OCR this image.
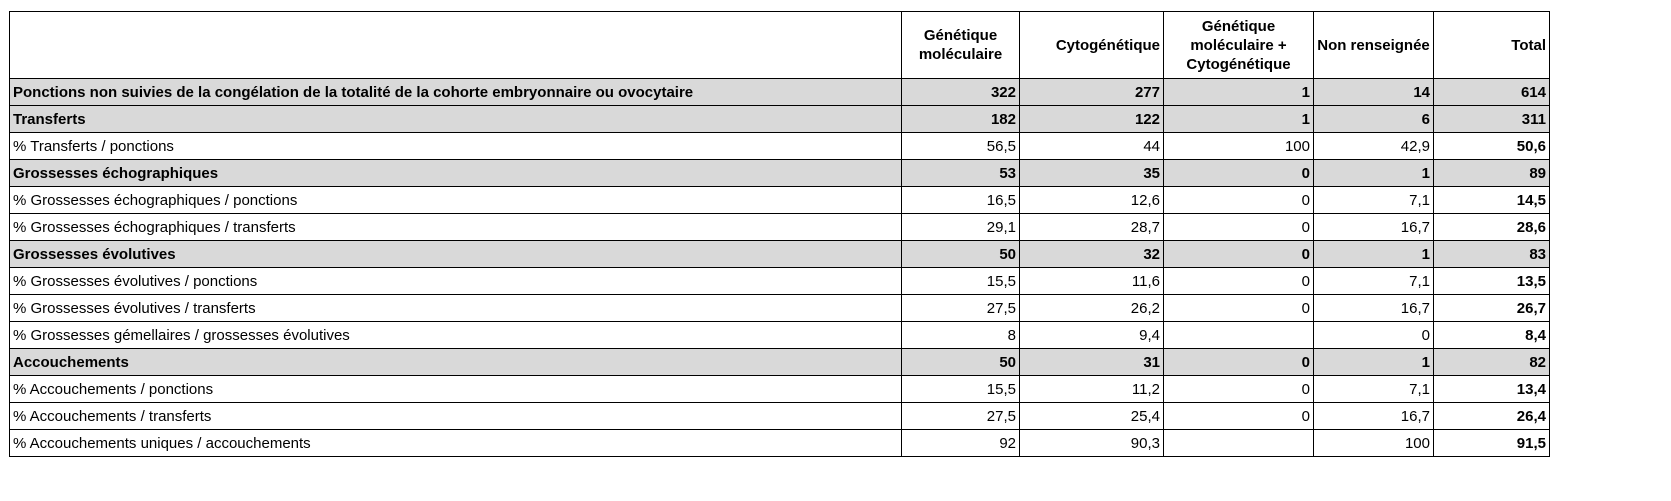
	Génétique moléculaire	Cytogénétique	Génétique moléculaire + Cytogénétique	Non renseignée	Total
Ponctions non suivies de la congélation de la totalité de la cohorte embryonnaire ou ovocytaire	322	277	1	14	614
Transferts	182	122	1	6	311
% Transferts / ponctions	56,5	44	100	42,9	50,6
Grossesses échographiques	53	35	0	1	89
% Grossesses échographiques / ponctions	16,5	12,6	0	7,1	14,5
% Grossesses échographiques / transferts	29,1	28,7	0	16,7	28,6
Grossesses évolutives	50	32	0	1	83
% Grossesses évolutives / ponctions	15,5	11,6	0	7,1	13,5
% Grossesses évolutives / transferts	27,5	26,2	0	16,7	26,7
% Grossesses gémellaires / grossesses évolutives	8	9,4		0	8,4
Accouchements	50	31	0	1	82
% Accouchements / ponctions	15,5	11,2	0	7,1	13,4
% Accouchements / transferts	27,5	25,4	0	16,7	26,4
% Accouchements uniques / accouchements	92	90,3		100	91,5
